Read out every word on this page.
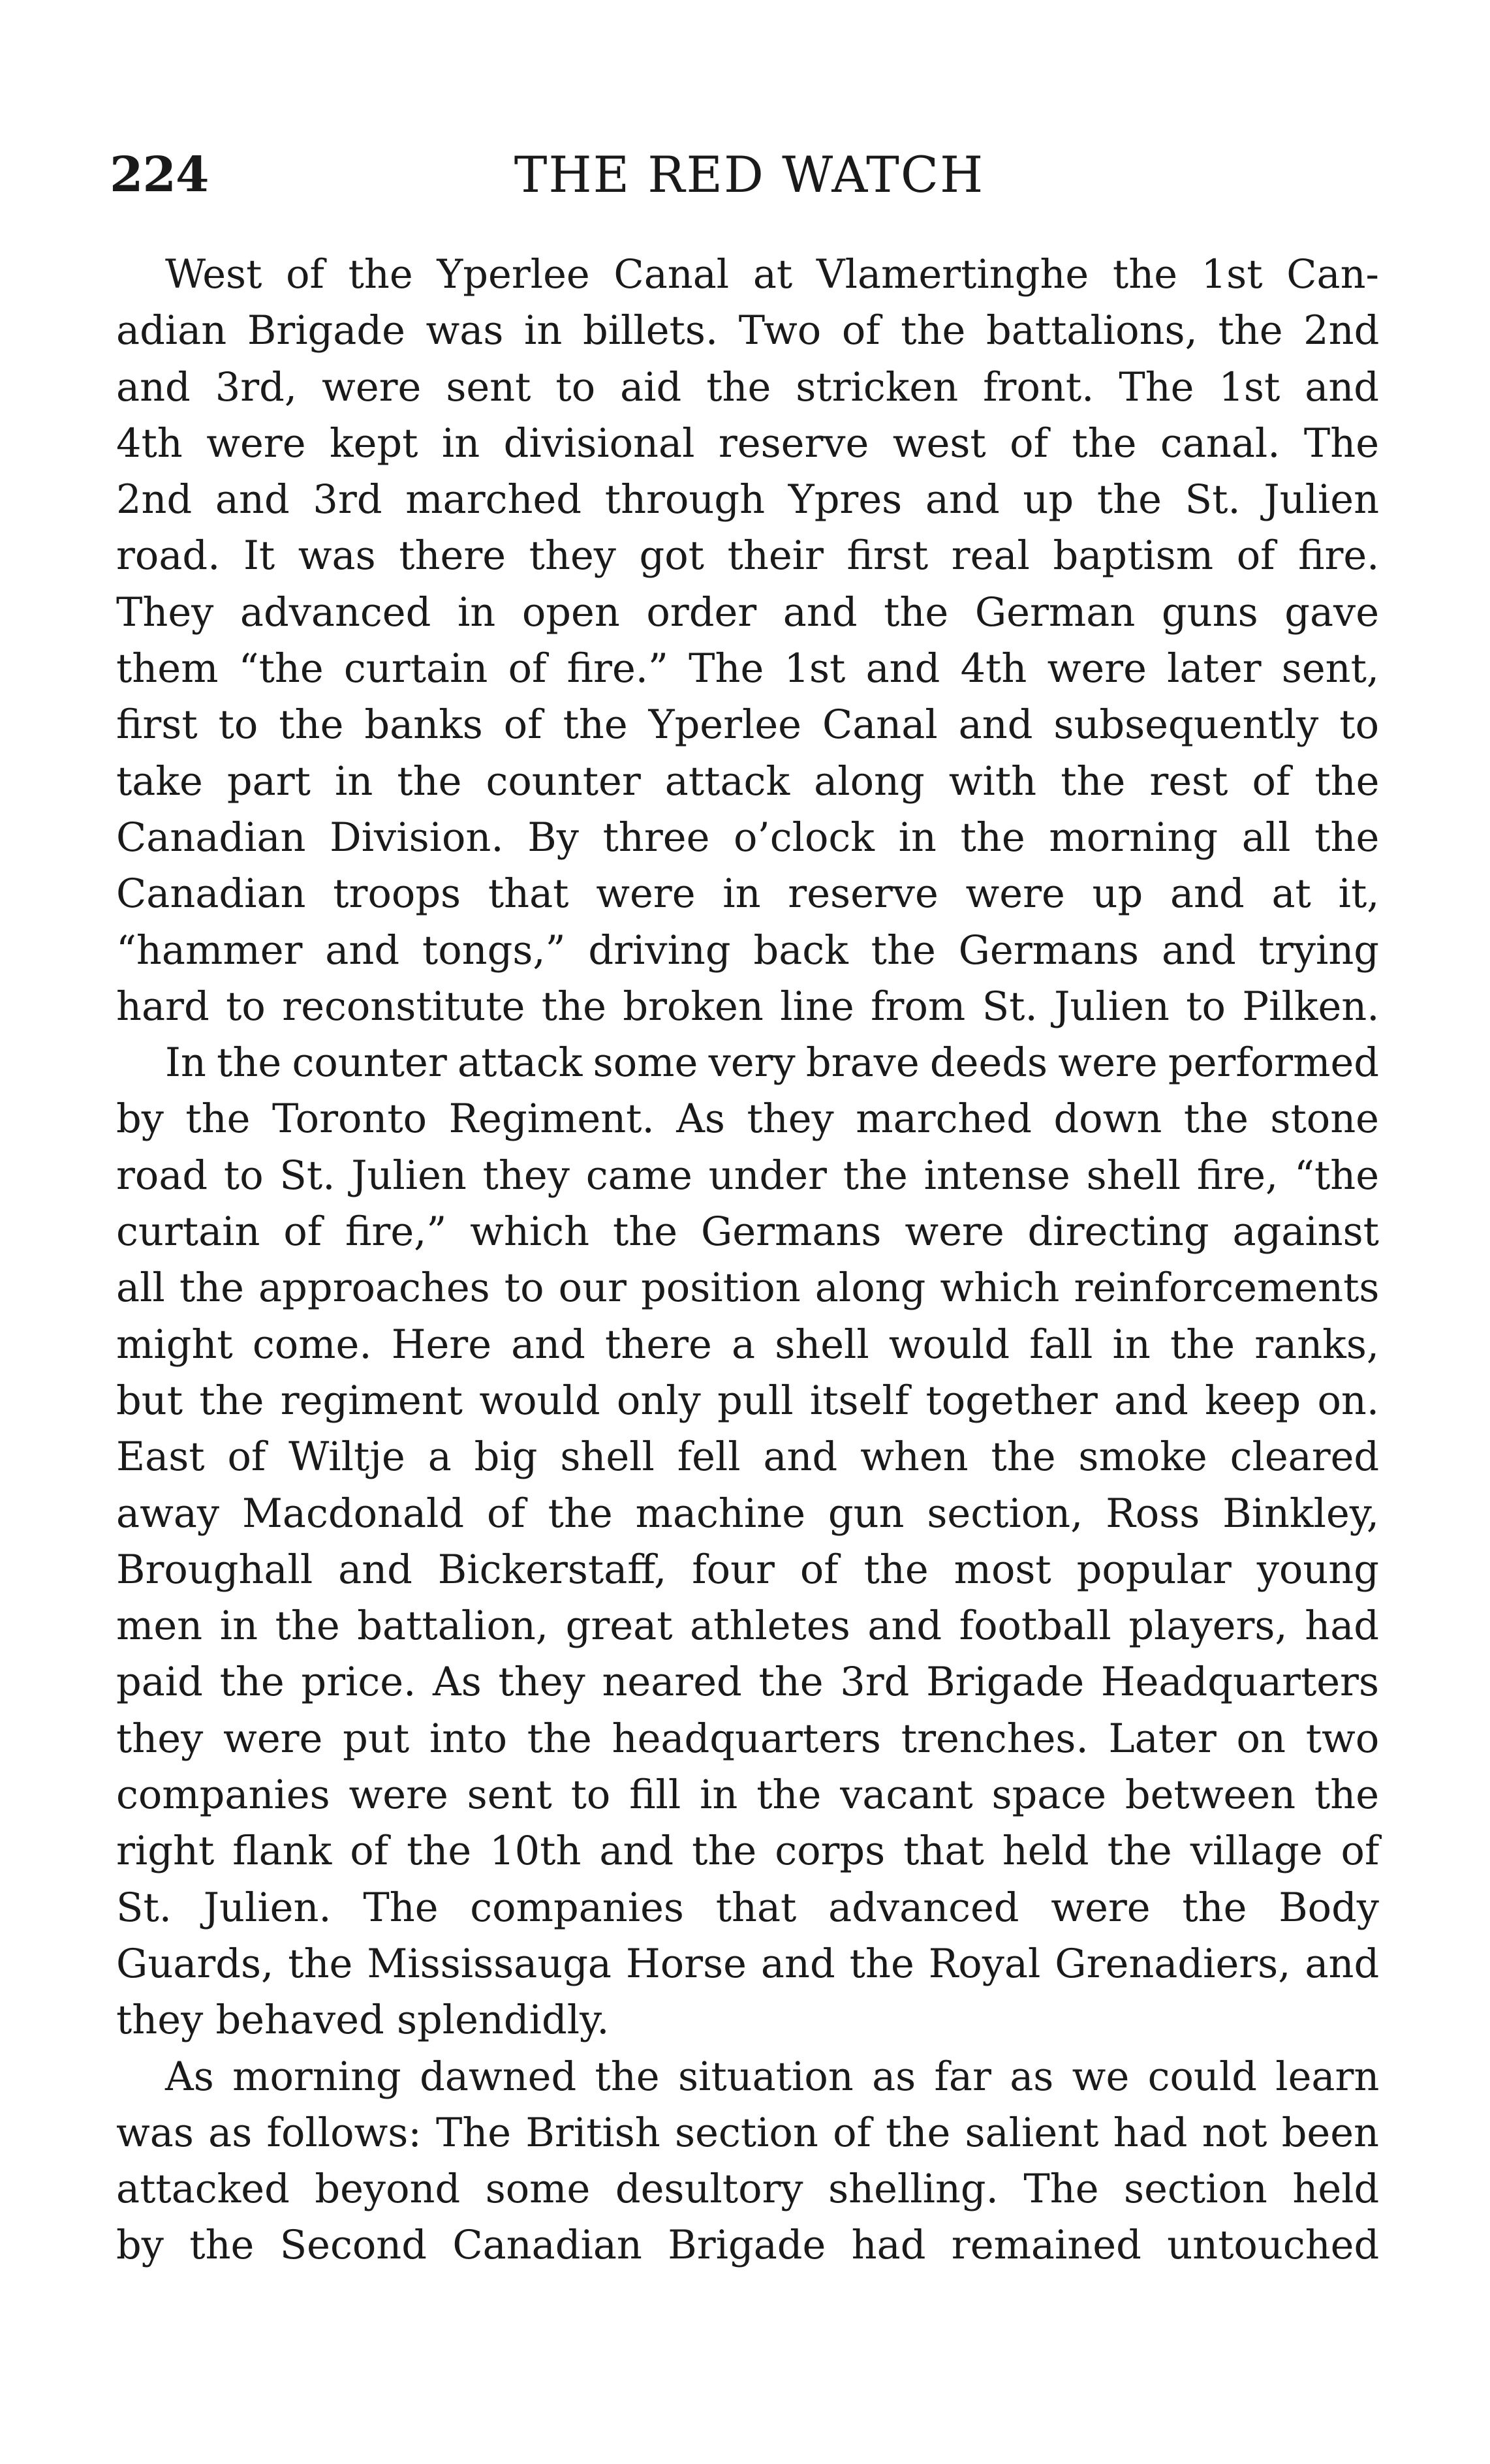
224	THE RED WATCH
West of the Yperlee Canal at Vlamertinghe the 1st Can-
adian Brigade was in billets. Two of the battalions, the 2nd
and 3rd, were sent to aid the stricken front. The 1st and
4th were kept in divisional reserve west of the canal. The
2nd and 3rd marched through Ypres and up the St. Julien
road. It was there they got their first real baptism of fire.
They advanced in open order and the German guns gave
them “the curtain of fire.” The 1st and 4th were later sent,
first to the banks of the Yperlee Canal and subsequently to
take part in the counter attack along with the rest of the
Canadian Division. By three o’clock in the morning all the
Canadian troops that were in reserve were up and at it,
“hammer and tongs,” driving back the Germans and trying
hard to reconstitute the broken line from St. Julien to Pilken.
In the counter attack some very brave deeds were performed
by the Toronto Regiment. As they marched down the stone
road to St. Julien they came under the intense shell fire, “the
curtain of fire,” which the Germans were directing against
all the approaches to our position along which reinforcements
might come. Here and there a shell would fall in the ranks,
but the regiment would only pull itself together and keep on.
East of Wiltje a big shell fell and when the smoke cleared
away Macdonald of the machine gun section, Ross Binkley,
Broughall and Bickerstaff, four of the most popular young
men in the battalion, great athletes and football players, had
paid the price. As they neared the 3rd Brigade Headquarters
they were put into the headquarters trenches. Later on two
companies were sent to fill in the vacant space between the
right flank of the 10th and the corps that held the village of
St. Julien. The companies that advanced were the Body
Guards, the Mississauga Horse and the Royal Grenadiers, and
they behaved splendidly.
As morning dawned the situation as far as we could learn
was as follows: The British section of the salient had not been
attacked beyond some desultory shelling. The section held
by the Second Canadian Brigade had remained untouched
